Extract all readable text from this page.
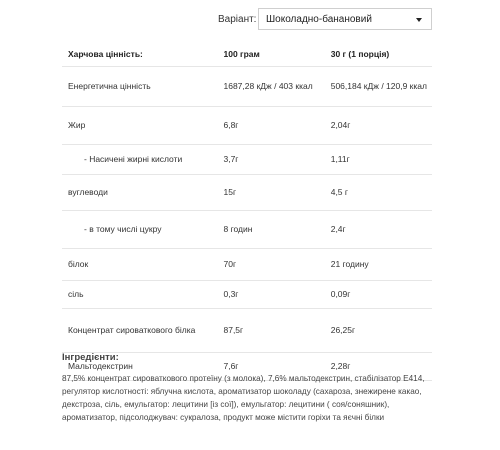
Варіант: Шоколадно-банановий
Харчова цінність:	100 грам	30 г (1 порція)
Енергетична цінність	1687,28 кДж / 403 ккал	506,184 кДж / 120,9 ккал
Жир	6,8г	2,04г
- Насичені жирні кислоти	3,7г	1,11г
вуглеводи	15г	4,5 г
- в тому числі цукру	8 годин	2,4г
білок	70г	21 годину
сіль	0,3г	0,09г
Концентрат сироваткового білка	87,5г	26,25г
Мальтодекстрин	7,6г	2,28г
Інгредієнти:
87,5% концентрат сироваткового протеїну (з молока), 7,6% мальтодекстрин, стабілізатор Е414, регулятор кислотності: яблучна кислота, ароматизатор шоколаду (сахароза, знежирене какао, декстроза, сіль, емульгатор: лецитини [із сої]), емульгатор: лецитини ( соя/соняшник), ароматизатор, підсолоджувач: сукралоза, продукт може містити горіхи та яєчні білки
